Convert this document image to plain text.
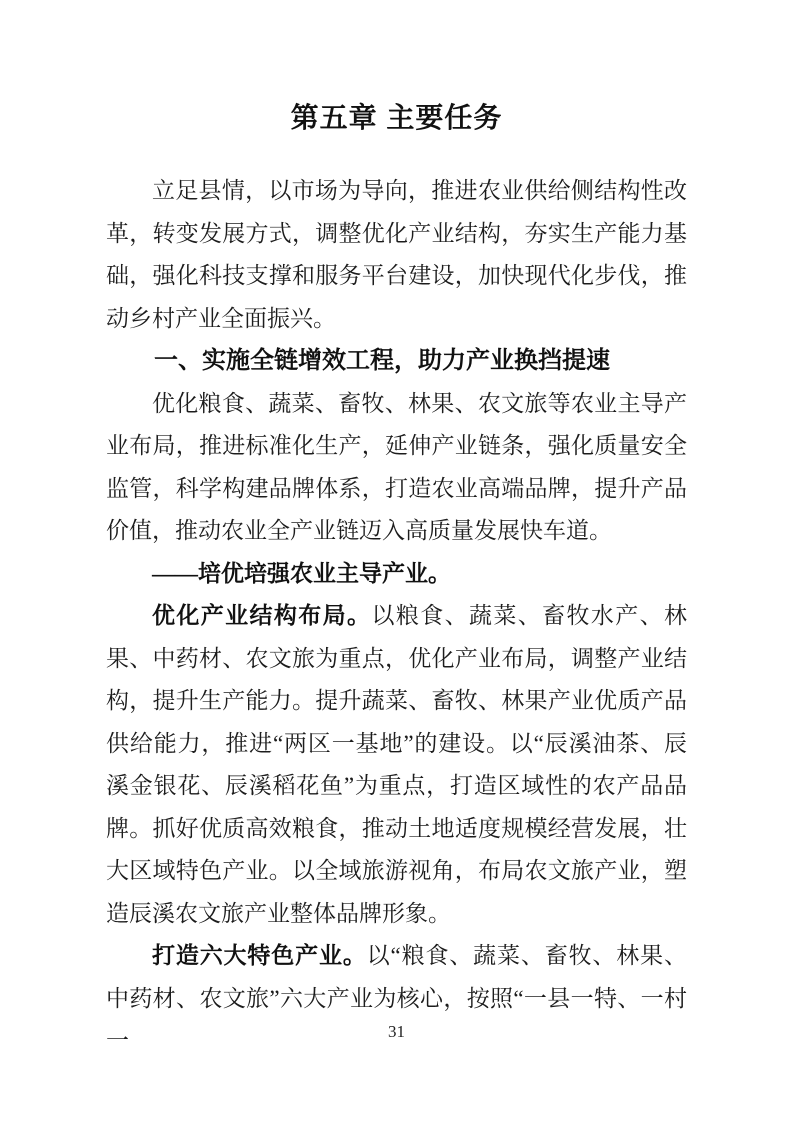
第五章 主要任务

立足县情，以市场为导向，推进农业供给侧结构性改革，转变发展方式，调整优化产业结构，夯实生产能力基础，强化科技支撑和服务平台建设，加快现代化步伐，推动乡村产业全面振兴。

一、实施全链增效工程，助力产业换挡提速

优化粮食、蔬菜、畜牧、林果、农文旅等农业主导产业布局，推进标准化生产，延伸产业链条，强化质量安全监管，科学构建品牌体系，打造农业高端品牌，提升产品价值，推动农业全产业链迈入高质量发展快车道。

——培优培强农业主导产业。

优化产业结构布局。以粮食、蔬菜、畜牧水产、林果、中药材、农文旅为重点，优化产业布局，调整产业结构，提升生产能力。提升蔬菜、畜牧、林果产业优质产品供给能力，推进“两区一基地”的建设。以“辰溪油茶、辰溪金银花、辰溪稻花鱼”为重点，打造区域性的农产品品牌。抓好优质高效粮食，推动土地适度规模经营发展，壮大区域特色产业。以全域旅游视角，布局农文旅产业，塑造辰溪农文旅产业整体品牌形象。

打造六大特色产业。以“粮食、蔬菜、畜牧、林果、中药材、农文旅”六大产业为核心，按照“一县一特、一村一	31
